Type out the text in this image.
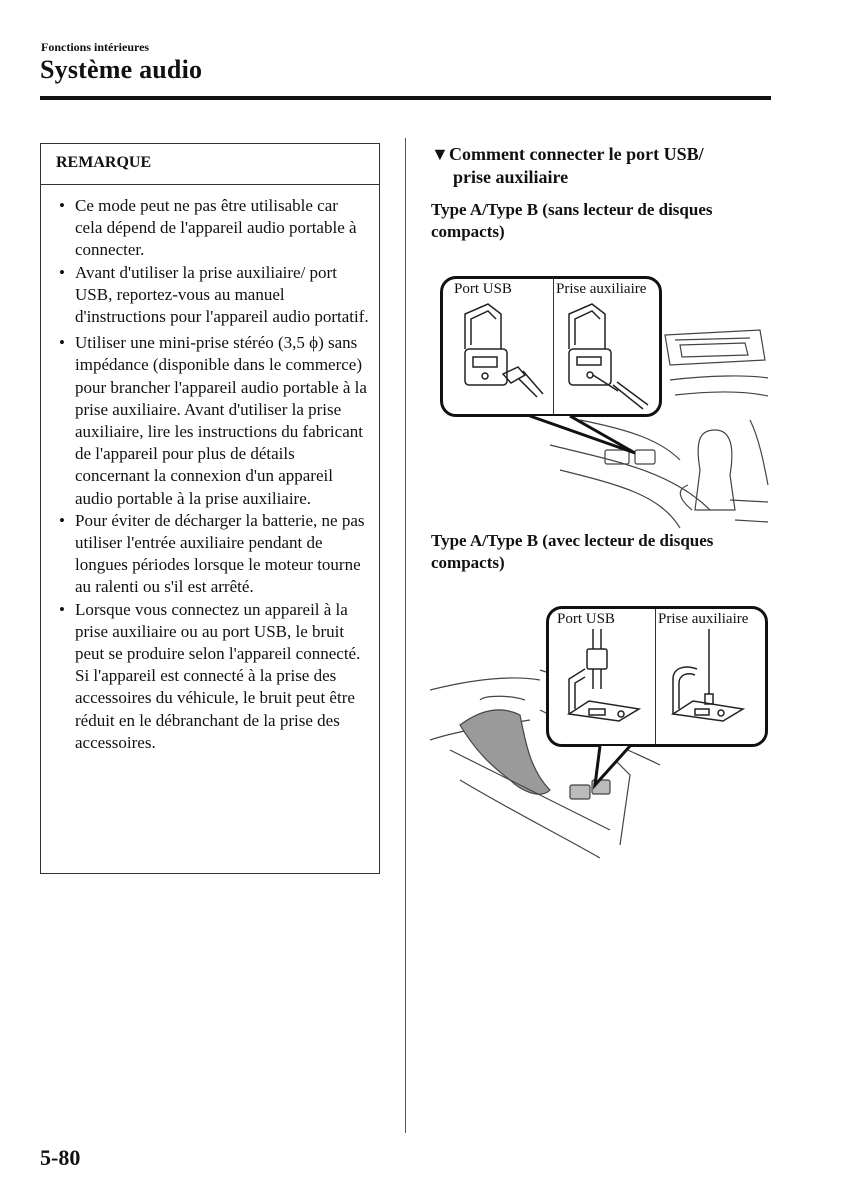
Fonctions intérieures
Système audio
REMARQUE
• Ce mode peut ne pas être utilisable car cela dépend de l'appareil audio portable à connecter.
• Avant d'utiliser la prise auxiliaire/ port USB, reportez-vous au manuel d'instructions pour l'appareil audio portatif.
• Utiliser une mini-prise stéréo (3,5 ϕ) sans impédance (disponible dans le commerce) pour brancher l'appareil audio portable à la prise auxiliaire. Avant d'utiliser la prise auxiliaire, lire les instructions du fabricant de l'appareil pour plus de détails concernant la connexion d'un appareil audio portable à la prise auxiliaire.
• Pour éviter de décharger la batterie, ne pas utiliser l'entrée auxiliaire pendant de longues périodes lorsque le moteur tourne au ralenti ou s'il est arrêté.
• Lorsque vous connectez un appareil à la prise auxiliaire ou au port USB, le bruit peut se produire selon l'appareil connecté. Si l'appareil est connecté à la prise des accessoires du véhicule, le bruit peut être réduit en le débranchant de la prise des accessoires.
▼Comment connecter le port USB/
prise auxiliaire
Type A/Type B (sans lecteur de disques compacts)
Port USB	Prise auxiliaire
Type A/Type B (avec lecteur de disques compacts)
Port USB	Prise auxiliaire
5-80
